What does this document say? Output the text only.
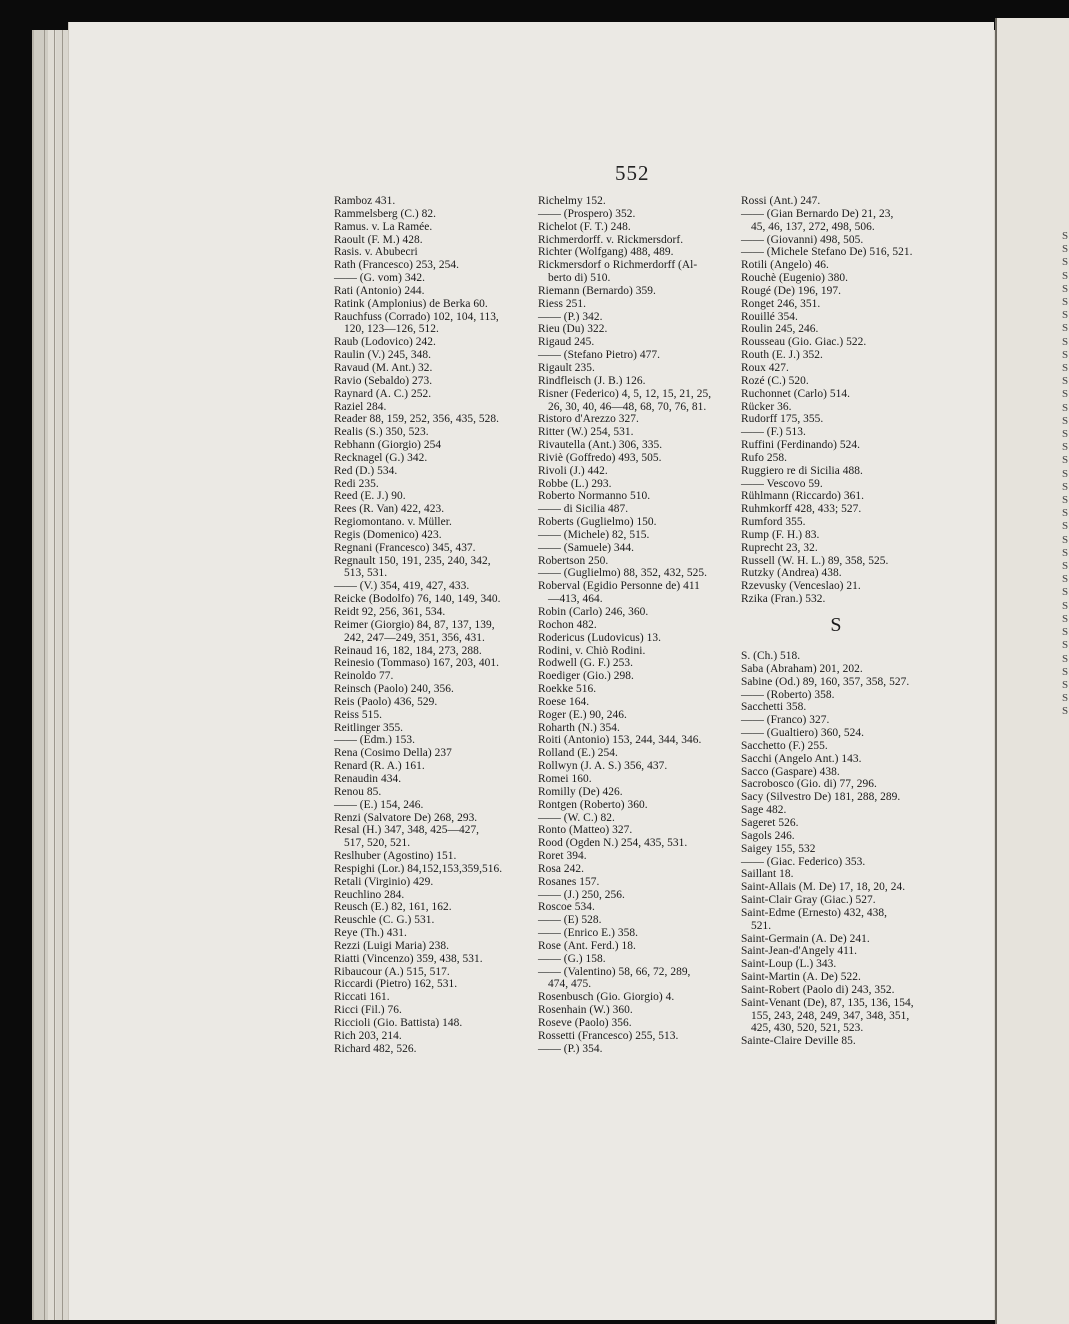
S
S
S
S
S
S
S
S
S
S
S
S
S
S
S
S
S
S
S
S
S
S
S
S
S
S
S
S
S
S
S
S
S
S
S
S
S
552
Ramboz 431.
Rammelsberg (C.) 82.
Ramus. v. La Ramée.
Raoult (F. M.) 428.
Rasis. v. Abubecri
Rath (Francesco) 253, 254.
—— (G. vom) 342.
Rati (Antonio) 244.
Ratink (Amplonius) de Berka 60.
Rauchfuss (Corrado) 102, 104, 113,
120, 123—126, 512.
Raub (Lodovico) 242.
Raulin (V.) 245, 348.
Ravaud (M. Ant.) 32.
Ravio (Sebaldo) 273.
Raynard (A. C.) 252.
Raziel 284.
Reader 88, 159, 252, 356, 435, 528.
Realis (S.) 350, 523.
Rebhann (Giorgio) 254
Recknagel (G.) 342.
Red (D.) 534.
Redi 235.
Reed (E. J.) 90.
Rees (R. Van) 422, 423.
Regiomontano. v. Müller.
Regis (Domenico) 423.
Regnani (Francesco) 345, 437.
Regnault 150, 191, 235, 240, 342,
513, 531.
—— (V.) 354, 419, 427, 433.
Reicke (Bodolfo) 76, 140, 149, 340.
Reidt 92, 256, 361, 534.
Reimer (Giorgio) 84, 87, 137, 139,
242, 247—249, 351, 356, 431.
Reinaud 16, 182, 184, 273, 288.
Reinesio (Tommaso) 167, 203, 401.
Reinoldo 77.
Reinsch (Paolo) 240, 356.
Reis (Paolo) 436, 529.
Reiss 515.
Reitlinger 355.
—— (Edm.) 153.
Rena (Cosimo Della) 237
Renard (R. A.) 161.
Renaudin 434.
Renou 85.
—— (E.) 154, 246.
Renzi (Salvatore De) 268, 293.
Resal (H.) 347, 348, 425—427,
517, 520, 521.
Reslhuber (Agostino) 151.
Respighi (Lor.) 84,152,153,359,516.
Retali (Virginio) 429.
Reuchlino 284.
Reusch (E.) 82, 161, 162.
Reuschle (C. G.) 531.
Reye (Th.) 431.
Rezzi (Luigi Maria) 238.
Riatti (Vincenzo) 359, 438, 531.
Ribaucour (A.) 515, 517.
Riccardi (Pietro) 162, 531.
Riccati 161.
Ricci (Fil.) 76.
Riccioli (Gio. Battista) 148.
Rich 203, 214.
Richard 482, 526.
Richelmy 152.
—— (Prospero) 352.
Richelot (F. T.) 248.
Richmerdorff. v. Rickmersdorf.
Richter (Wolfgang) 488, 489.
Rickmersdorf o Richmerdorff (Al-
berto di) 510.
Riemann (Bernardo) 359.
Riess 251.
—— (P.) 342.
Rieu (Du) 322.
Rigaud 245.
—— (Stefano Pietro) 477.
Rigault 235.
Rindfleisch (J. B.) 126.
Risner (Federico) 4, 5, 12, 15, 21, 25,
26, 30, 40, 46—48, 68, 70, 76, 81.
Ristoro d'Arezzo 327.
Ritter (W.) 254, 531.
Rivautella (Ant.) 306, 335.
Riviè (Goffredo) 493, 505.
Rivoli (J.) 442.
Robbe (L.) 293.
Roberto Normanno 510.
—— di Sicilia 487.
Roberts (Guglielmo) 150.
—— (Michele) 82, 515.
—— (Samuele) 344.
Robertson 250.
—— (Guglielmo) 88, 352, 432, 525.
Roberval (Egidio Personne de) 411
—413, 464.
Robin (Carlo) 246, 360.
Rochon 482.
Rodericus (Ludovicus) 13.
Rodini, v. Chiò Rodini.
Rodwell (G. F.) 253.
Roediger (Gio.) 298.
Roekke 516.
Roese 164.
Roger (E.) 90, 246.
Roharth (N.) 354.
Roiti (Antonio) 153, 244, 344, 346.
Rolland (E.) 254.
Rollwyn (J. A. S.) 356, 437.
Romei 160.
Romilly (De) 426.
Rontgen (Roberto) 360.
—— (W. C.) 82.
Ronto (Matteo) 327.
Rood (Ogden N.) 254, 435, 531.
Roret 394.
Rosa 242.
Rosanes 157.
—— (J.) 250, 256.
Roscoe 534.
—— (E) 528.
—— (Enrico E.) 358.
Rose (Ant. Ferd.) 18.
—— (G.) 158.
—— (Valentino) 58, 66, 72, 289,
474, 475.
Rosenbusch (Gio. Giorgio) 4.
Rosenhain (W.) 360.
Roseve (Paolo) 356.
Rossetti (Francesco) 255, 513.
—— (P.) 354.
Rossi (Ant.) 247.
—— (Gian Bernardo De) 21, 23,
45, 46, 137, 272, 498, 506.
—— (Giovanni) 498, 505.
—— (Michele Stefano De) 516, 521.
Rotili (Angelo) 46.
Rouchè (Eugenio) 380.
Rougé (De) 196, 197.
Ronget 246, 351.
Rouillé 354.
Roulin 245, 246.
Rousseau (Gio. Giac.) 522.
Routh (E. J.) 352.
Roux 427.
Rozé (C.) 520.
Ruchonnet (Carlo) 514.
Rücker 36.
Rudorff 175, 355.
—— (F.) 513.
Ruffini (Ferdinando) 524.
Rufo 258.
Ruggiero re di Sicilia 488.
—— Vescovo 59.
Rühlmann (Riccardo) 361.
Ruhmkorff 428, 433; 527.
Rumford 355.
Rump (F. H.) 83.
Ruprecht 23, 32.
Russell (W. H. L.) 89, 358, 525.
Rutzky (Andrea) 438.
Rzevusky (Venceslao) 21.
Rzika (Fran.) 532.
S
S. (Ch.) 518.
Saba (Abraham) 201, 202.
Sabine (Od.) 89, 160, 357, 358, 527.
—— (Roberto) 358.
Sacchetti 358.
—— (Franco) 327.
—— (Gualtiero) 360, 524.
Sacchetto (F.) 255.
Sacchi (Angelo Ant.) 143.
Sacco (Gaspare) 438.
Sacrobosco (Gio. di) 77, 296.
Sacy (Silvestro De) 181, 288, 289.
Sage 482.
Sageret 526.
Sagols 246.
Saigey 155, 532
—— (Giac. Federico) 353.
Saillant 18.
Saint-Allais (M. De) 17, 18, 20, 24.
Saint-Clair Gray (Giac.) 527.
Saint-Edme (Ernesto) 432, 438,
521.
Saint-Germain (A. De) 241.
Saint-Jean-d'Angely 411.
Saint-Loup (L.) 343.
Saint-Martin (A. De) 522.
Saint-Robert (Paolo di) 243, 352.
Saint-Venant (De), 87, 135, 136, 154,
155, 243, 248, 249, 347, 348, 351,
425, 430, 520, 521, 523.
Sainte-Claire Deville 85.
